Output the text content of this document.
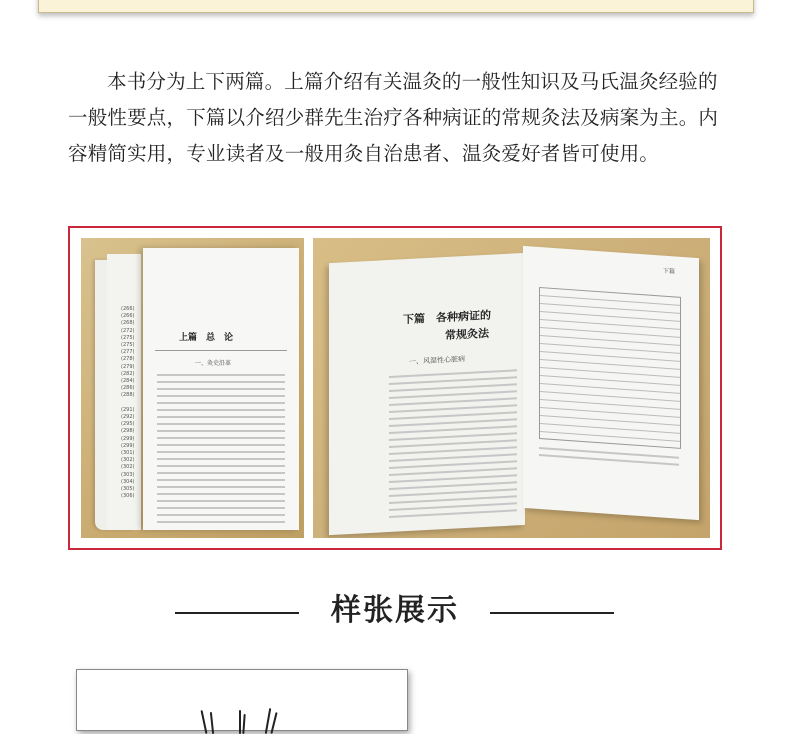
本书分为上下两篇。上篇介绍有关温灸的一般性知识及马氏温灸经验的一般性要点，下篇以介绍少群先生治疗各种病证的常规灸法及病案为主。内容精简实用，专业读者及一般用灸自治患者、温灸爱好者皆可使用。

(266)
(266)
(268)
(272)
(275)
(275)
(277)
(278)
(279)
(282)
(284)
(286)
(288)

(291)
(292)
(295)
(298)
(299)
(299)
(301)
(302)
(302)
(303)
(304)
(305)
(306)
上篇　总　论
一、灸史沿革
下篇　各种病证的
常规灸法
一、风湿性心脏病
下篇
样张展示
